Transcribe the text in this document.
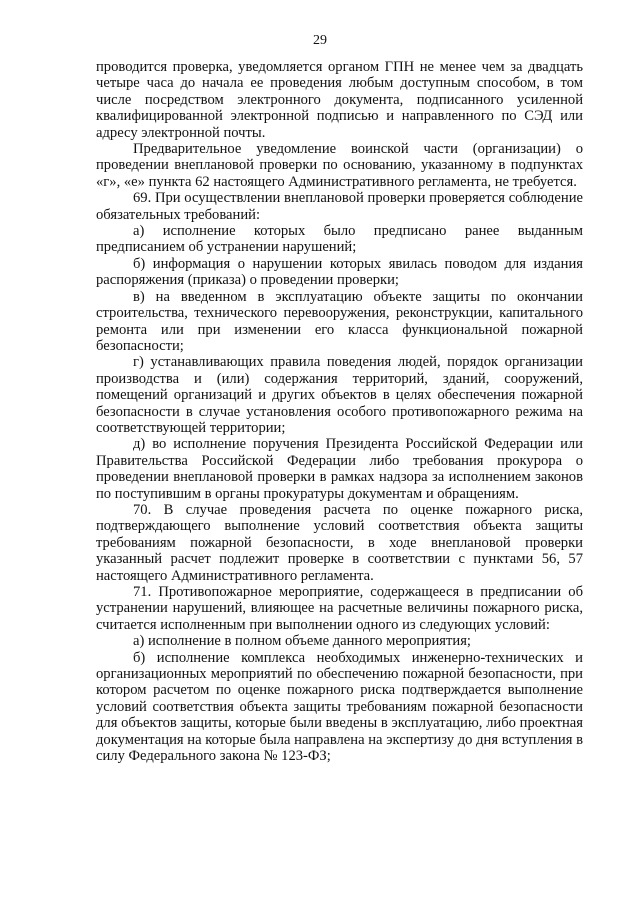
29

проводится проверка, уведомляется органом ГПН не менее чем за двадцать четыре часа до начала ее проведения любым доступным способом, в том числе посредством электронного документа, подписанного усиленной квалифицированной электронной подписью и направленного по СЭД или адресу электронной почты.

Предварительное уведомление воинской части (организации) о проведении внеплановой проверки по основанию, указанному в подпунктах «г», «е» пункта 62 настоящего Административного регламента, не требуется.

69. При осуществлении внеплановой проверки проверяется соблюдение обязательных требований:

а) исполнение которых было предписано ранее выданным предписанием об устранении нарушений;

б) информация о нарушении которых явилась поводом для издания распоряжения (приказа) о проведении проверки;

в) на введенном в эксплуатацию объекте защиты по окончании строительства, технического перевооружения, реконструкции, капитального ремонта или при изменении его класса функциональной пожарной безопасности;

г) устанавливающих правила поведения людей, порядок организации производства и (или) содержания территорий, зданий, сооружений, помещений организаций и других объектов в целях обеспечения пожарной безопасности в случае установления особого противопожарного режима на соответствующей территории;

д) во исполнение поручения Президента Российской Федерации или Правительства Российской Федерации либо требования прокурора о проведении внеплановой проверки в рамках надзора за исполнением законов по поступившим в органы прокуратуры документам и обращениям.

70. В случае проведения расчета по оценке пожарного риска, подтверждающего выполнение условий соответствия объекта защиты требованиям пожарной безопасности, в ходе внеплановой проверки указанный расчет подлежит проверке в соответствии с пунктами 56, 57 настоящего Административного регламента.

71. Противопожарное мероприятие, содержащееся в предписании об устранении нарушений, влияющее на расчетные величины пожарного риска, считается исполненным при выполнении одного из следующих условий:

а) исполнение в полном объеме данного мероприятия;

б) исполнение комплекса необходимых инженерно-технических и организационных мероприятий по обеспечению пожарной безопасности, при котором расчетом по оценке пожарного риска подтверждается выполнение условий соответствия объекта защиты требованиям пожарной безопасности для объектов защиты, которые были введены в эксплуатацию, либо проектная документация на которые была направлена на экспертизу до дня вступления в силу Федерального закона № 123-ФЗ;
